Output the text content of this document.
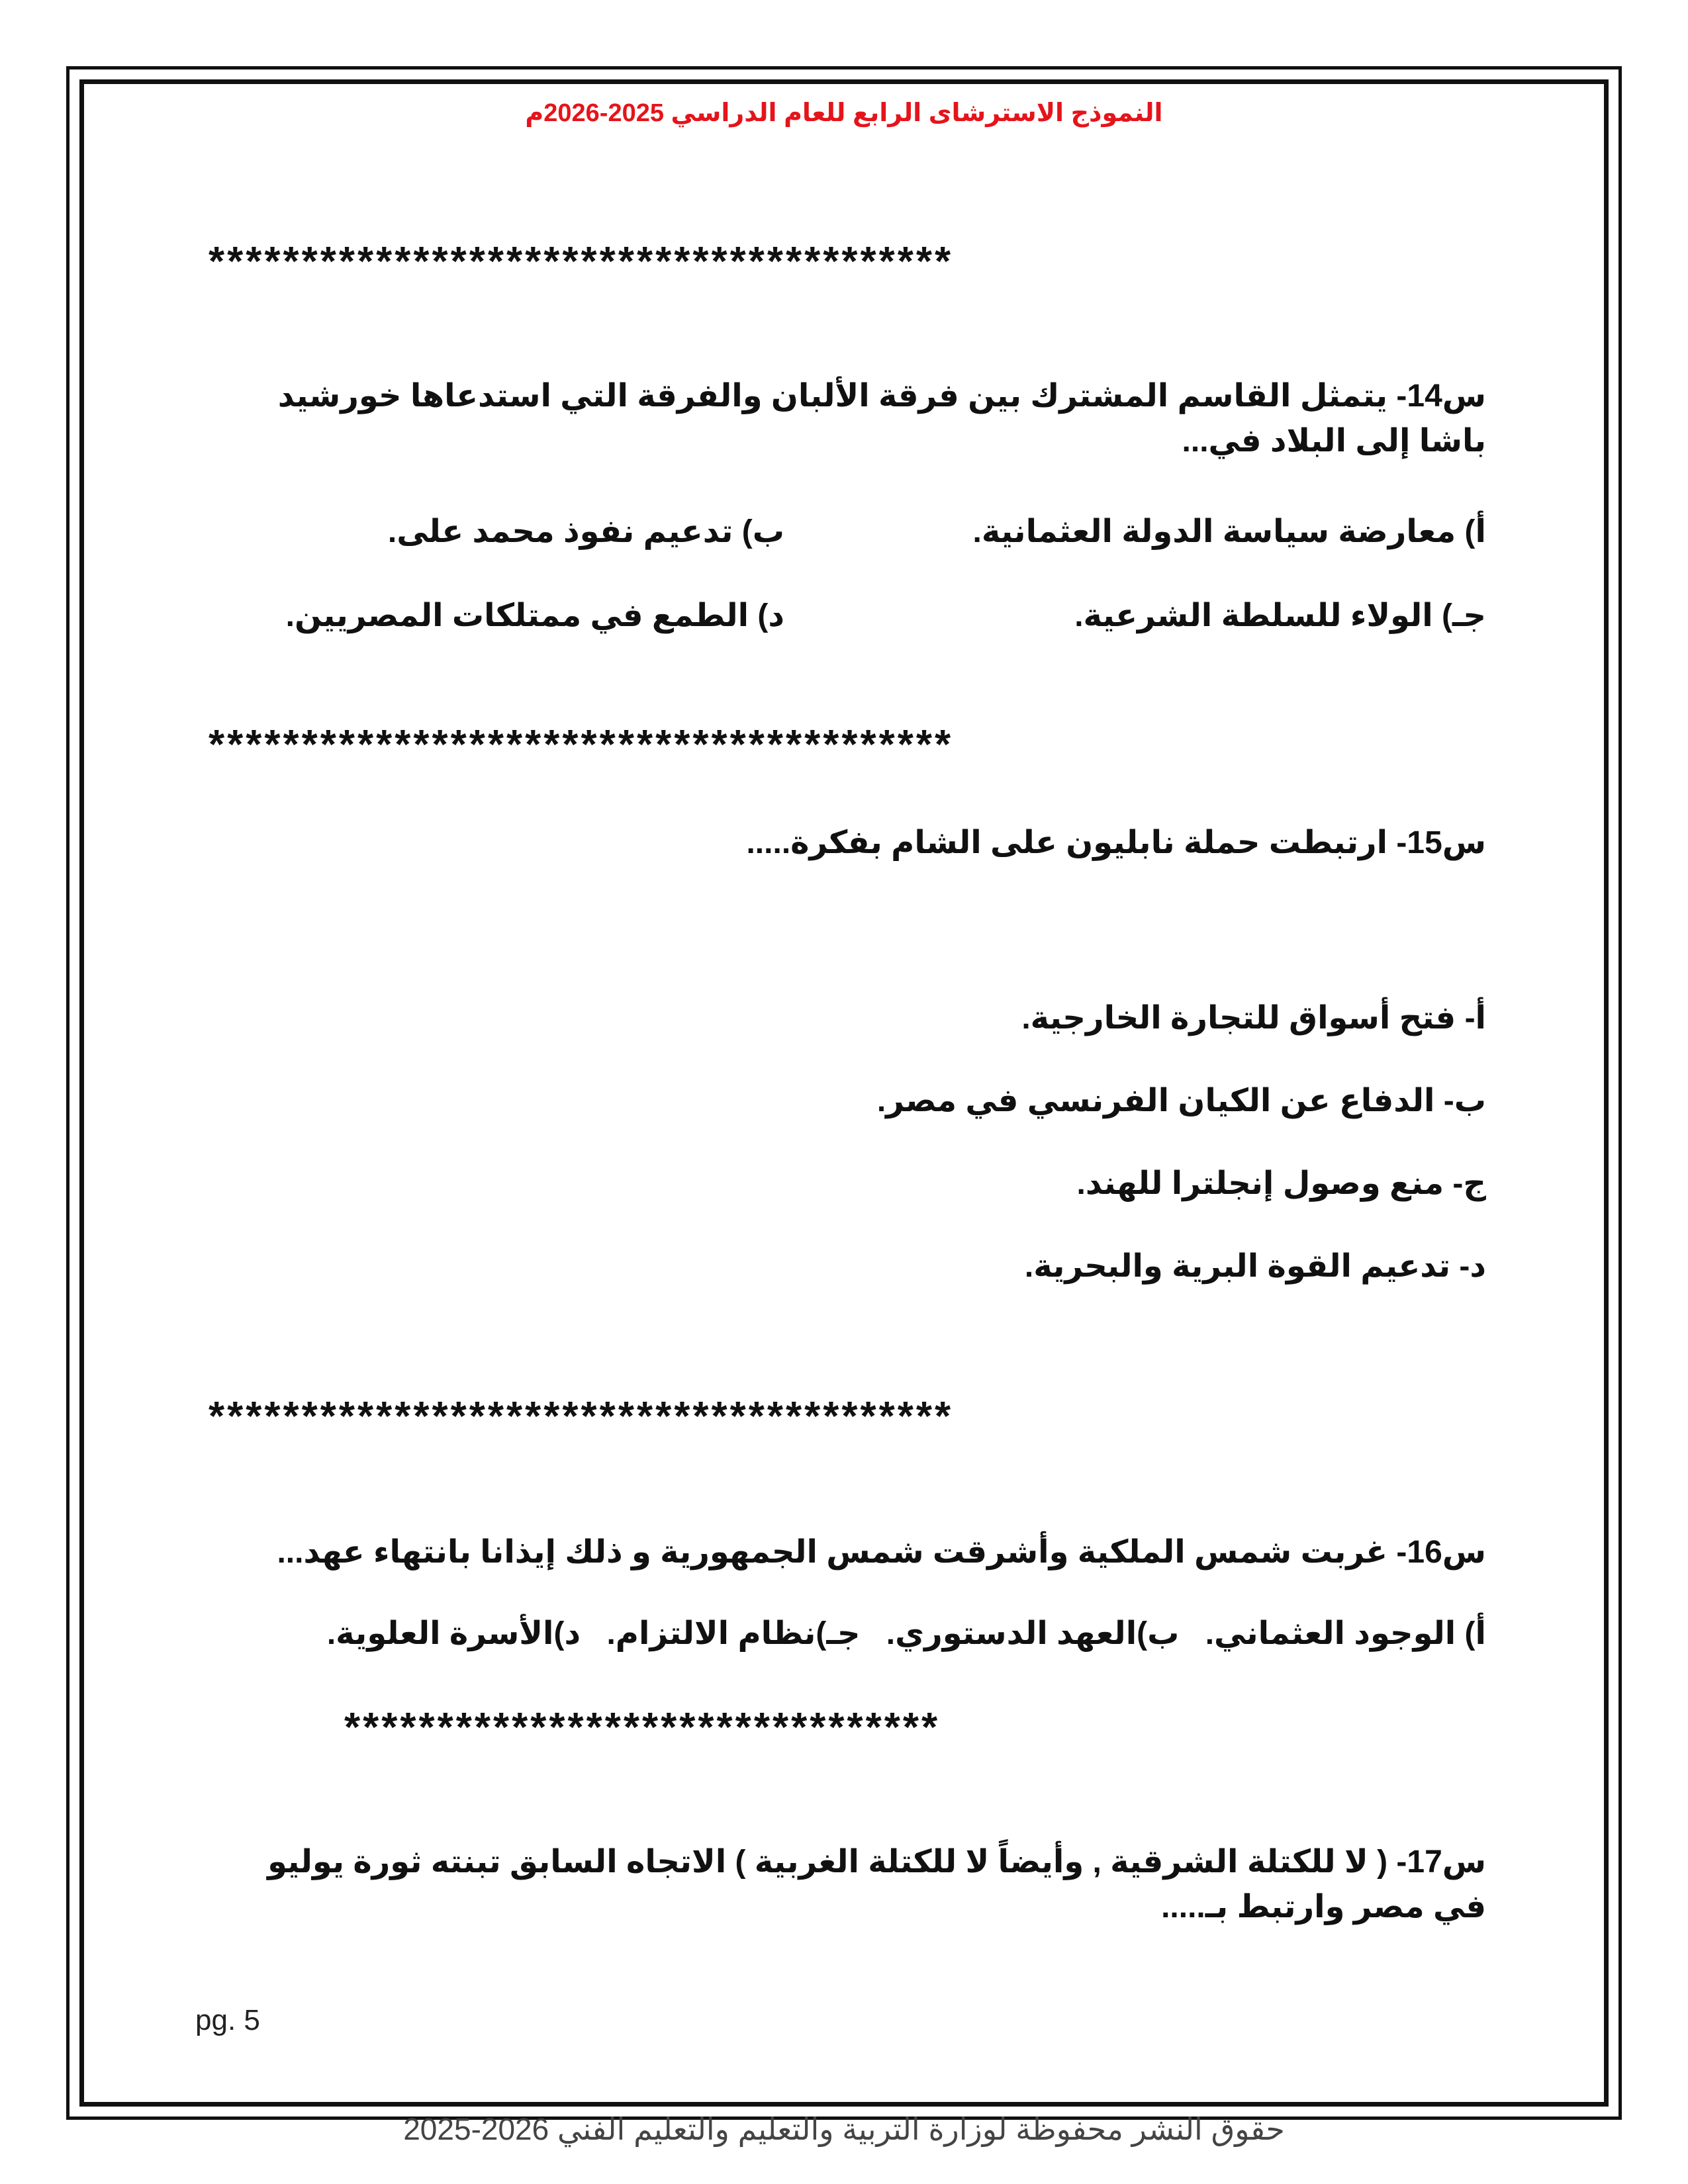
النموذج الاسترشاى الرابع للعام الدراسي 2025-2026م
****************************************
س14- يتمثل القاسم المشترك بين فرقة الألبان والفرقة التي استدعاها خورشيد باشا إلى البلاد في...
أ) معارضة سياسة الدولة العثمانية.
ب) تدعيم نفوذ محمد على.
جـ) الولاء للسلطة الشرعية.
د) الطمع في ممتلكات المصريين.
****************************************
س15- ارتبطت حملة نابليون على الشام بفكرة.....
أ- فتح أسواق للتجارة الخارجية.
ب- الدفاع عن الكيان الفرنسي في مصر.
ج- منع وصول إنجلترا للهند.
د- تدعيم القوة البرية والبحرية.
****************************************
س16- غربت شمس الملكية وأشرقت شمس الجمهورية و ذلك إيذانا بانتهاء عهد...
أ) الوجود العثماني. ب)العهد الدستوري. جـ)نظام الالتزام. د)الأسرة العلوية.
********************************
س17- ( لا للكتلة الشرقية , وأيضاً لا للكتلة الغربية ) الاتجاه السابق تبنته ثورة يوليو في مصر وارتبط بـ.....
pg. 5
حقوق النشر محفوظة لوزارة التربية والتعليم والتعليم الفني 2026-2025
